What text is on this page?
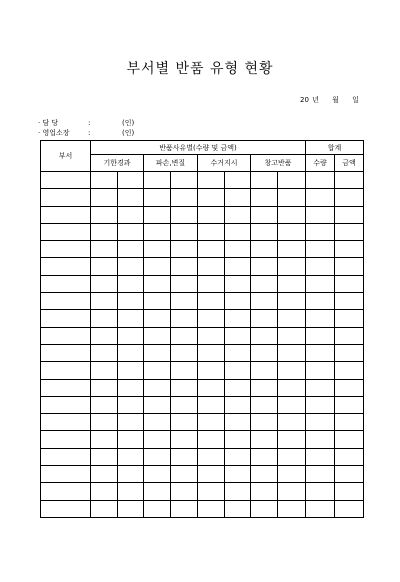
부서별 반품 유형 현황
20 년 월 일
· 담 당	:	(인)
· 영업소장	:	(인)
부서	반품사유별(수량 및 금액)								합계	
	기한경과		파손,변질		수거지시		창고반품		수량	금액
